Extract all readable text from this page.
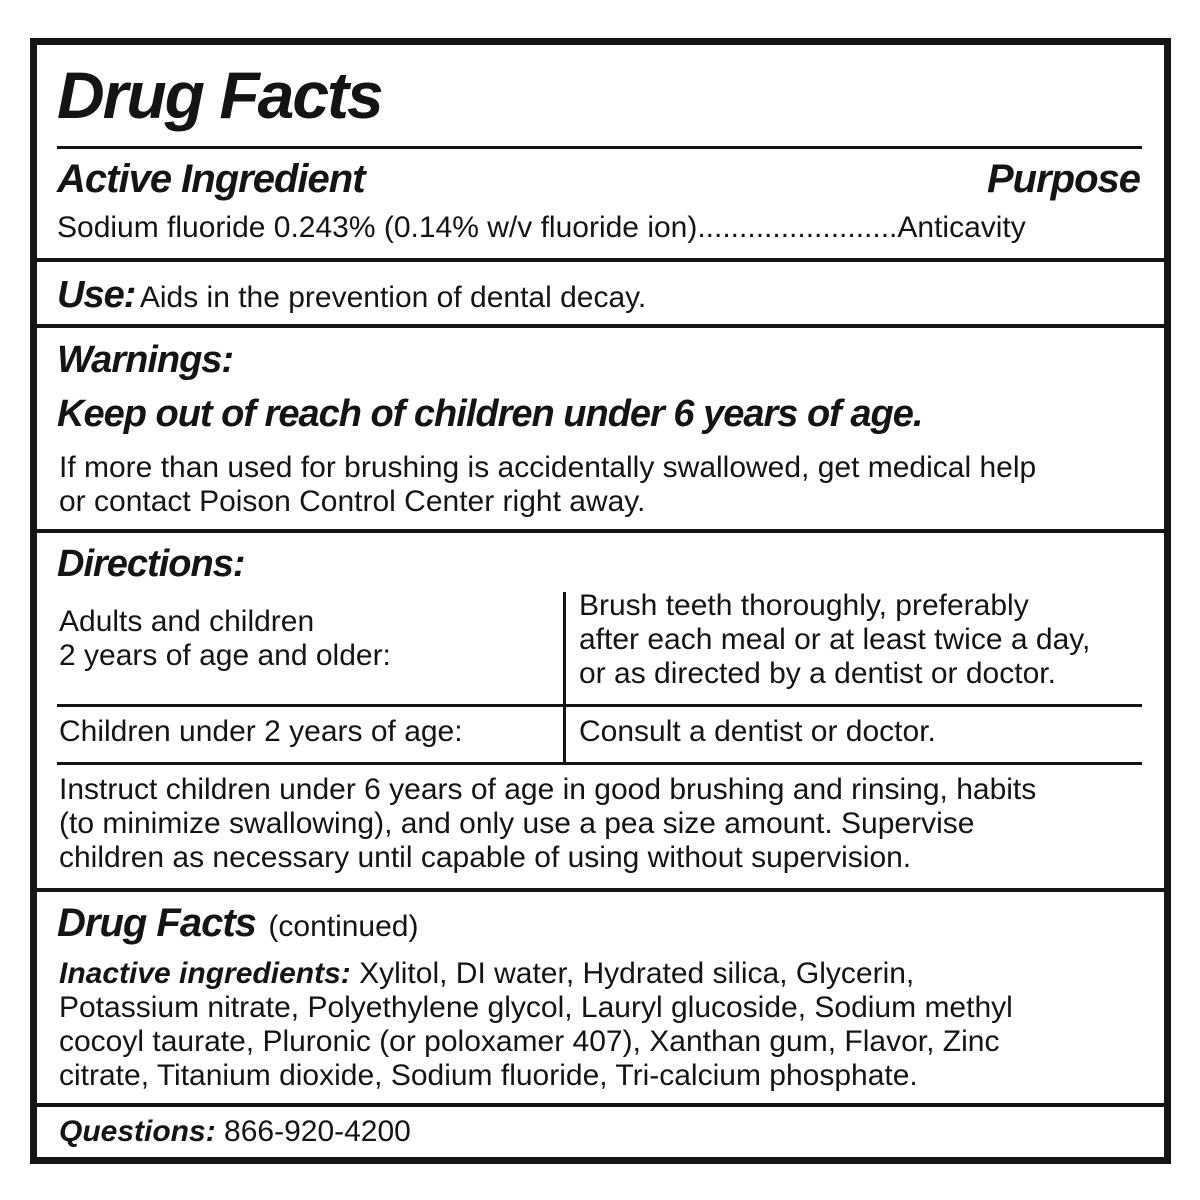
Drug Facts
Active Ingredient	Purpose
Sodium fluoride 0.243% (0.14% w/v fluoride ion)........................Anticavity
Use: Aids in the prevention of dental decay.
Warnings:
Keep out of reach of children under 6 years of age.
If more than used for brushing is accidentally swallowed, get medical help
or contact Poison Control Center right away.
Directions:
Adults and children
2 years of age and older:
Brush teeth thoroughly, preferably
after each meal or at least twice a day,
or as directed by a dentist or doctor.
Children under 2 years of age:	Consult a dentist or doctor.
Instruct children under 6 years of age in good brushing and rinsing, habits
(to minimize swallowing), and only use a pea size amount. Supervise
children as necessary until capable of using without supervision.
Drug Facts (continued)
Inactive ingredients: Xylitol, DI water, Hydrated silica, Glycerin,
Potassium nitrate, Polyethylene glycol, Lauryl glucoside, Sodium methyl
cocoyl taurate, Pluronic (or poloxamer 407), Xanthan gum, Flavor, Zinc
citrate, Titanium dioxide, Sodium fluoride, Tri-calcium phosphate.
Questions: 866-920-4200
